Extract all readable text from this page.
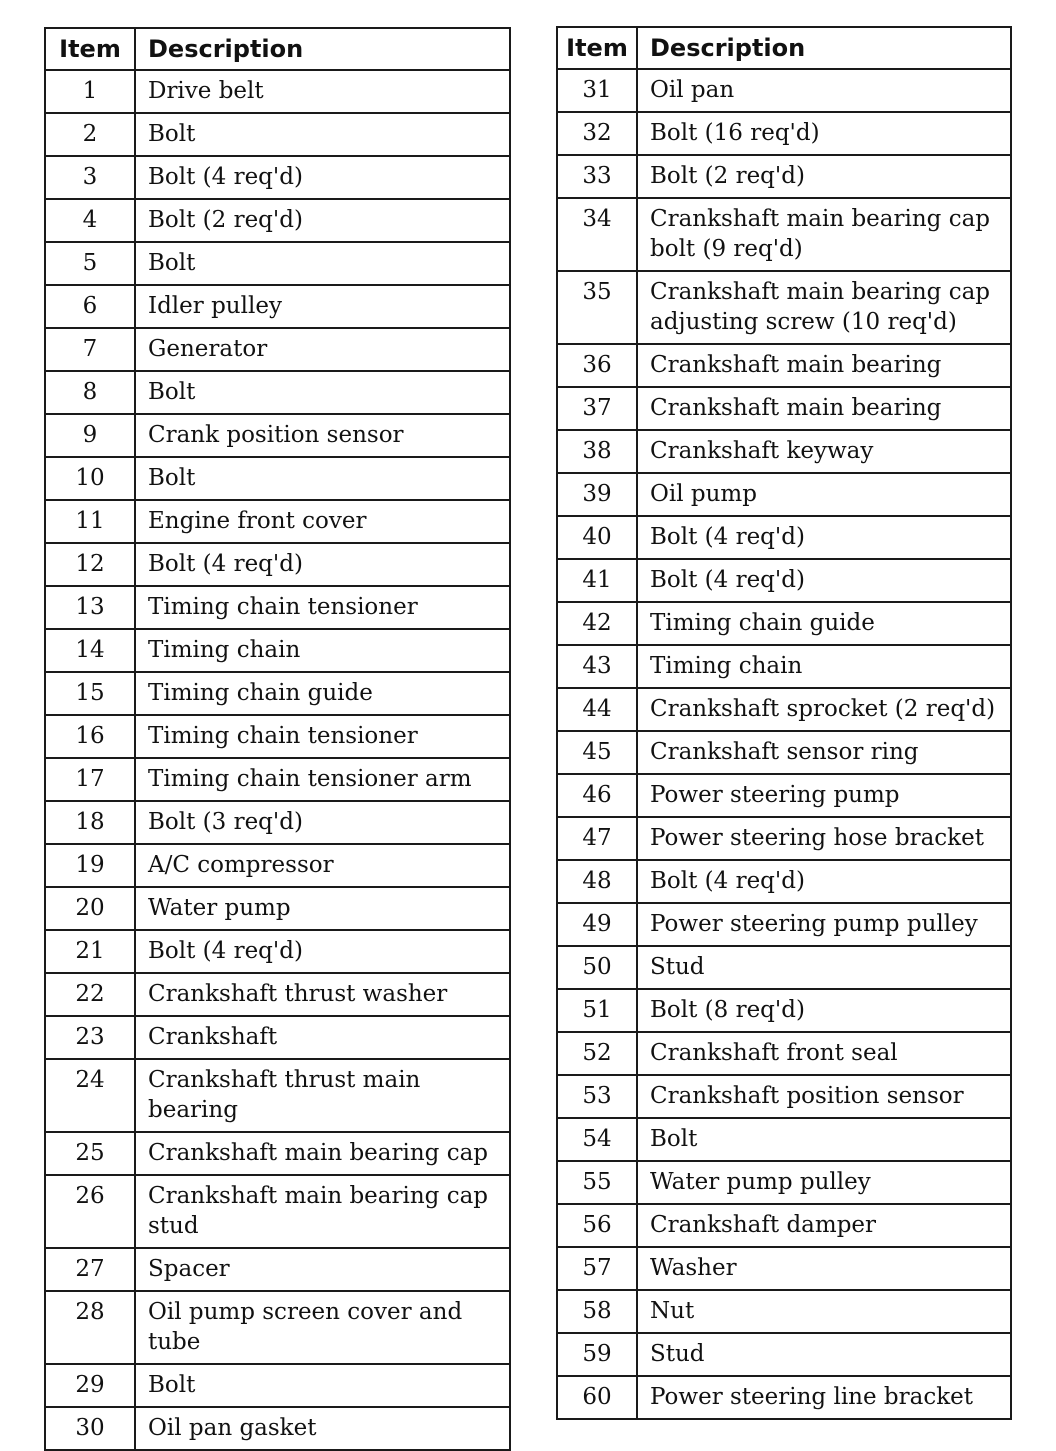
Item	Description
1	Drive belt
2	Bolt
3	Bolt (4 req'd)
4	Bolt (2 req'd)
5	Bolt
6	Idler pulley
7	Generator
8	Bolt
9	Crank position sensor
10	Bolt
11	Engine front cover
12	Bolt (4 req'd)
13	Timing chain tensioner
14	Timing chain
15	Timing chain guide
16	Timing chain tensioner
17	Timing chain tensioner arm
18	Bolt (3 req'd)
19	A/C compressor
20	Water pump
21	Bolt (4 req'd)
22	Crankshaft thrust washer
23	Crankshaft
24	Crankshaft thrust main bearing
25	Crankshaft main bearing cap
26	Crankshaft main bearing cap stud
27	Spacer
28	Oil pump screen cover and tube
29	Bolt
30	Oil pan gasket
Item	Description
31	Oil pan
32	Bolt (16 req'd)
33	Bolt (2 req'd)
34	Crankshaft main bearing cap bolt (9 req'd)
35	Crankshaft main bearing cap adjusting screw (10 req'd)
36	Crankshaft main bearing
37	Crankshaft main bearing
38	Crankshaft keyway
39	Oil pump
40	Bolt (4 req'd)
41	Bolt (4 req'd)
42	Timing chain guide
43	Timing chain
44	Crankshaft sprocket (2 req'd)
45	Crankshaft sensor ring
46	Power steering pump
47	Power steering hose bracket
48	Bolt (4 req'd)
49	Power steering pump pulley
50	Stud
51	Bolt (8 req'd)
52	Crankshaft front seal
53	Crankshaft position sensor
54	Bolt
55	Water pump pulley
56	Crankshaft damper
57	Washer
58	Nut
59	Stud
60	Power steering line bracket
